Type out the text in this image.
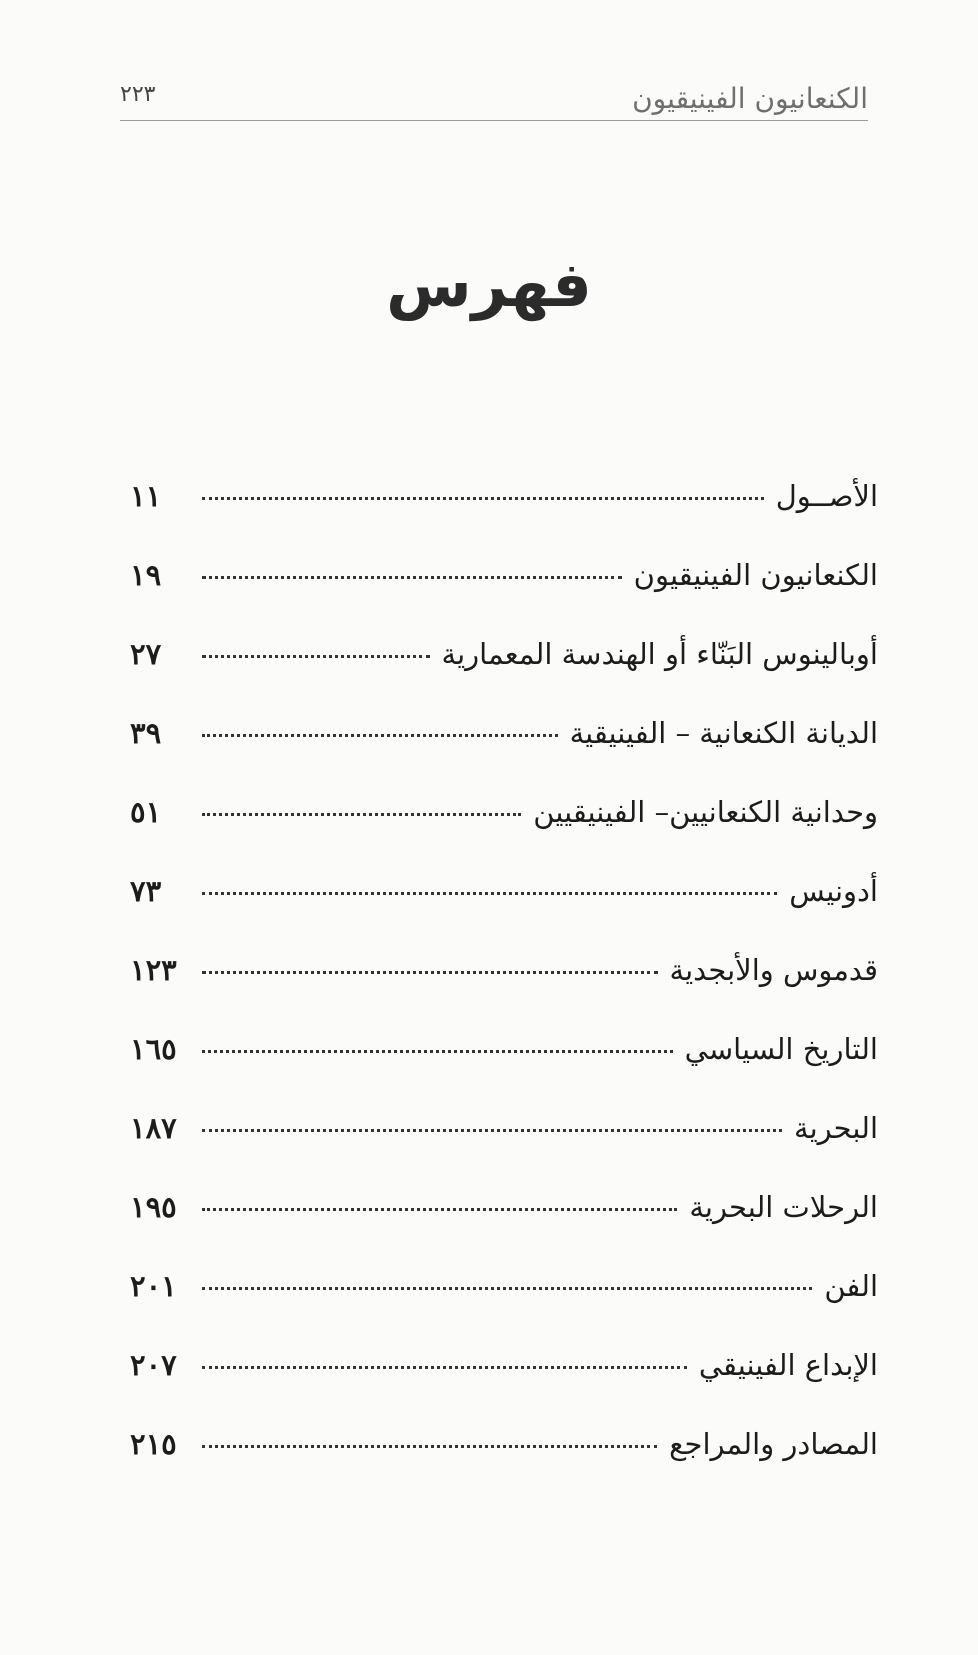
الكنعانيون الفينيقيون
٢٢٣
فهرس
الأصــول
١١
الكنعانيون الفينيقيون
١٩
أوبالينوس البَنّاء أو الهندسة المعمارية
٢٧
الديانة الكنعانية – الفينيقية
٣٩
وحدانية الكنعانيين– الفينيقيين
٥١
أدونيس
٧٣
قدموس والأبجدية
١٢٣
التاريخ السياسي
١٦٥
البحرية
١٨٧
الرحلات البحرية
١٩٥
الفن
٢٠١
الإبداع الفينيقي
٢٠٧
المصادر والمراجع
٢١٥
